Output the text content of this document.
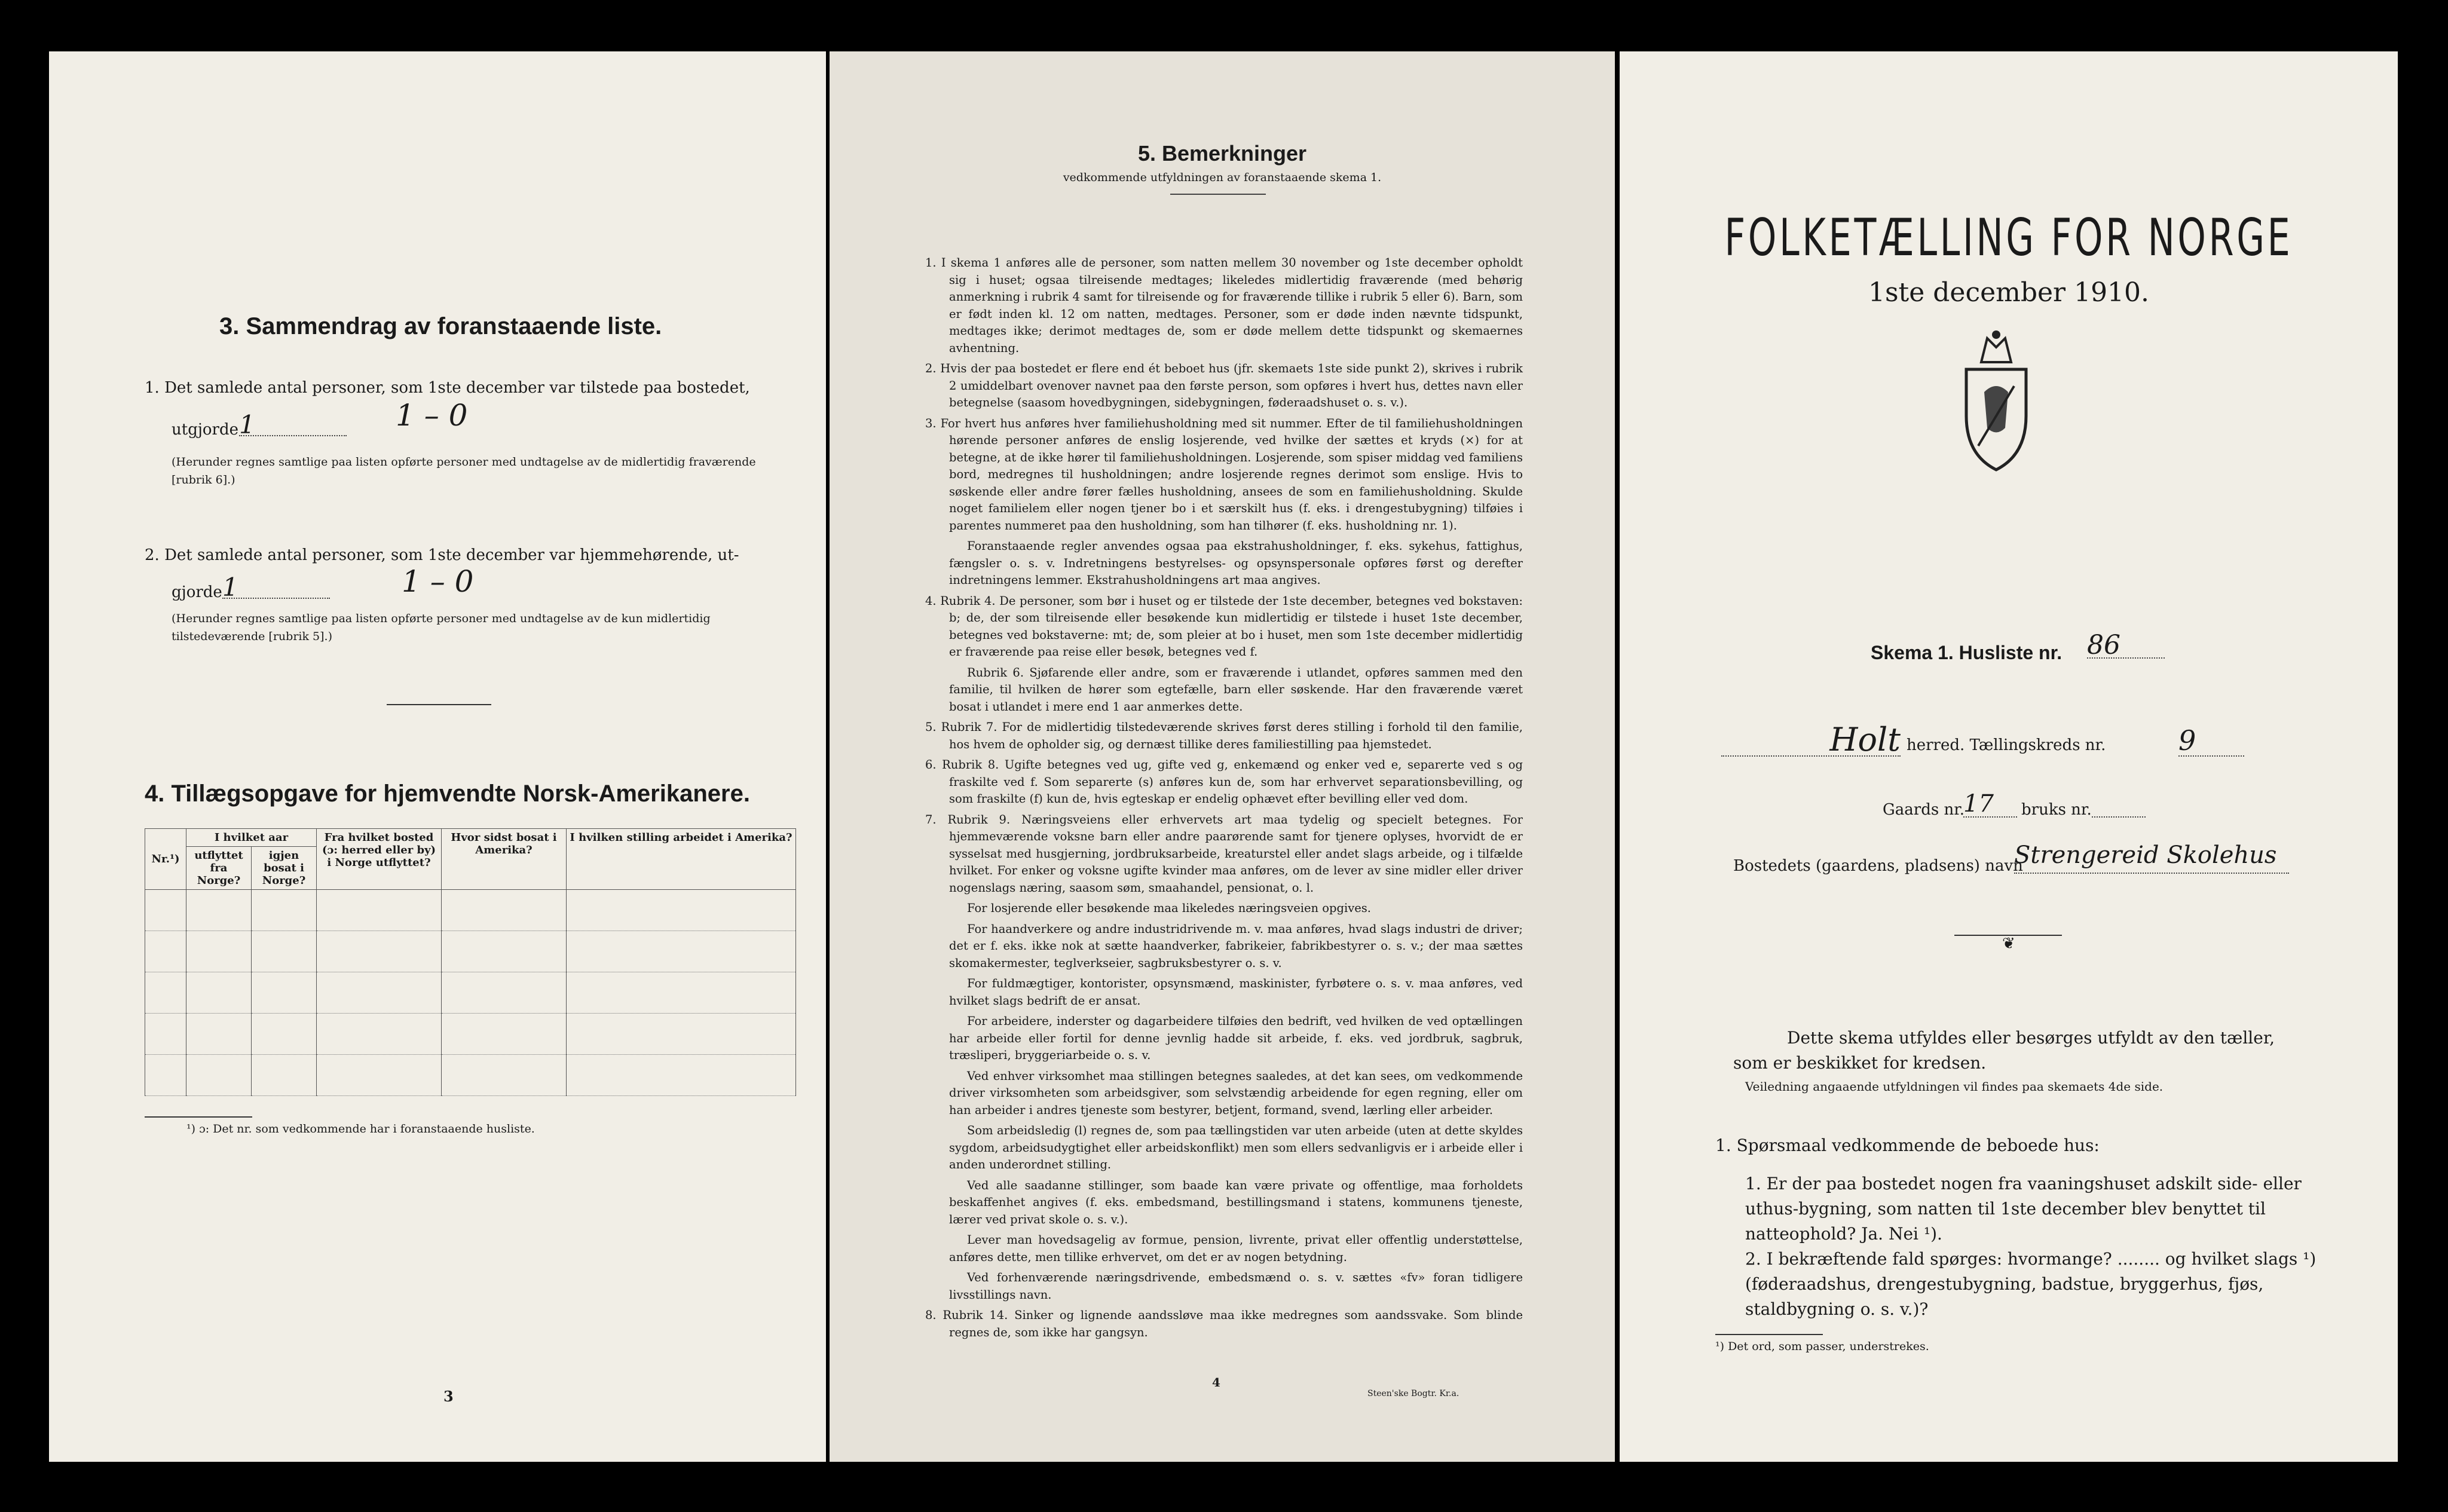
3. Sammendrag av foranstaaende liste.
1. Det samlede antal personer, som 1ste december var tilstede paa bostedet,
utgjorde 1	1 – 0
(Herunder regnes samtlige paa listen opførte personer med undtagelse av de midlertidig fraværende [rubrik 6].)
2. Det samlede antal personer, som 1ste december var hjemmehørende, ut-
gjorde 1	1 – 0
(Herunder regnes samtlige paa listen opførte personer med undtagelse av de kun midlertidig tilstedeværende [rubrik 5].)
4. Tillægsopgave for hjemvendte Norsk-Amerikanere.
Nr.¹)	I hvilket aar		Fra hvilket bosted (ɔ: herred eller by) i Norge utflyttet?	Hvor sidst bosat i Amerika?	I hvilken stilling arbeidet i Amerika?
	utflyttet fra Norge?	igjen bosat i Norge?			

¹) ɔ: Det nr. som vedkommende har i foranstaaende husliste.
3
5. Bemerkninger
vedkommende utfyldningen av foranstaaende skema 1.

1. I skema 1 anføres alle de personer, som natten mellem 30 november og 1ste december opholdt sig i huset; ogsaa tilreisende medtages; likeledes midlertidig fraværende (med behørig anmerkning i rubrik 4 samt for tilreisende og for fraværende tillike i rubrik 5 eller 6). Barn, som er født inden kl. 12 om natten, medtages. Personer, som er døde inden nævnte tidspunkt, medtages ikke; derimot medtages de, som er døde mellem dette tidspunkt og skemaernes avhentning.

2. Hvis der paa bostedet er flere end ét beboet hus (jfr. skemaets 1ste side punkt 2), skrives i rubrik 2 umiddelbart ovenover navnet paa den første person, som opføres i hvert hus, dettes navn eller betegnelse (saasom hovedbygningen, sidebygningen, føderaadshuset o. s. v.).

3. For hvert hus anføres hver familiehusholdning med sit nummer. Efter de til familiehusholdningen hørende personer anføres de enslig losjerende, ved hvilke der sættes et kryds (×) for at betegne, at de ikke hører til familiehusholdningen. Losjerende, som spiser middag ved familiens bord, medregnes til husholdningen; andre losjerende regnes derimot som enslige. Hvis to søskende eller andre fører fælles husholdning, ansees de som en familiehusholdning. Skulde noget familielem eller nogen tjener bo i et særskilt hus (f. eks. i drengestubygning) tilføies i parentes nummeret paa den husholdning, som han tilhører (f. eks. husholdning nr. 1).

Foranstaaende regler anvendes ogsaa paa ekstrahusholdninger, f. eks. sykehus, fattighus, fængsler o. s. v. Indretningens bestyrelses- og opsynspersonale opføres først og derefter indretningens lemmer. Ekstrahusholdningens art maa angives.

4. Rubrik 4. De personer, som bør i huset og er tilstede der 1ste december, betegnes ved bokstaven: b; de, der som tilreisende eller besøkende kun midlertidig er tilstede i huset 1ste december, betegnes ved bokstaverne: mt; de, som pleier at bo i huset, men som 1ste december midlertidig er fraværende paa reise eller besøk, betegnes ved f.

Rubrik 6. Sjøfarende eller andre, som er fraværende i utlandet, opføres sammen med den familie, til hvilken de hører som egtefælle, barn eller søskende. Har den fraværende været bosat i utlandet i mere end 1 aar anmerkes dette.

5. Rubrik 7. For de midlertidig tilstedeværende skrives først deres stilling i forhold til den familie, hos hvem de opholder sig, og dernæst tillike deres familiestilling paa hjemstedet.

6. Rubrik 8. Ugifte betegnes ved ug, gifte ved g, enkemænd og enker ved e, separerte ved s og fraskilte ved f. Som separerte (s) anføres kun de, som har erhvervet separationsbevilling, og som fraskilte (f) kun de, hvis egteskap er endelig ophævet efter bevilling eller ved dom.

7. Rubrik 9. Næringsveiens eller erhvervets art maa tydelig og specielt betegnes. For hjemmeværende voksne barn eller andre paarørende samt for tjenere oplyses, hvorvidt de er sysselsat med husgjerning, jordbruksarbeide, kreaturstel eller andet slags arbeide, og i tilfælde hvilket. For enker og voksne ugifte kvinder maa anføres, om de lever av sine midler eller driver nogenslags næring, saasom søm, smaahandel, pensionat, o. l.

For losjerende eller besøkende maa likeledes næringsveien opgives.

For haandverkere og andre industridrivende m. v. maa anføres, hvad slags industri de driver; det er f. eks. ikke nok at sætte haandverker, fabrikeier, fabrikbestyrer o. s. v.; der maa sættes skomakermester, teglverkseier, sagbruksbestyrer o. s. v.

For fuldmægtiger, kontorister, opsynsmænd, maskinister, fyrbøtere o. s. v. maa anføres, ved hvilket slags bedrift de er ansat.

For arbeidere, inderster og dagarbeidere tilføies den bedrift, ved hvilken de ved optællingen har arbeide eller fortil for denne jevnlig hadde sit arbeide, f. eks. ved jordbruk, sagbruk, træsliperi, bryggeriarbeide o. s. v.

Ved enhver virksomhet maa stillingen betegnes saaledes, at det kan sees, om vedkommende driver virksomheten som arbeidsgiver, som selvstændig arbeidende for egen regning, eller om han arbeider i andres tjeneste som bestyrer, betjent, formand, svend, lærling eller arbeider.

Som arbeidsledig (l) regnes de, som paa tællingstiden var uten arbeide (uten at dette skyldes sygdom, arbeidsudygtighet eller arbeidskonflikt) men som ellers sedvanligvis er i arbeide eller i anden underordnet stilling.

Ved alle saadanne stillinger, som baade kan være private og offentlige, maa forholdets beskaffenhet angives (f. eks. embedsmand, bestillingsmand i statens, kommunens tjeneste, lærer ved privat skole o. s. v.).

Lever man hovedsagelig av formue, pension, livrente, privat eller offentlig understøttelse, anføres dette, men tillike erhvervet, om det er av nogen betydning.

Ved forhenværende næringsdrivende, embedsmænd o. s. v. sættes «fv» foran tidligere livsstillings navn.

8. Rubrik 14. Sinker og lignende aandssløve maa ikke medregnes som aandssvake. Som blinde regnes de, som ikke har gangsyn.

4
Steen'ske Bogtr. Kr.a.
FOLKETÆLLING FOR NORGE
1ste december 1910.
Skema 1. Husliste nr. 86
Holt herred. Tællingskreds nr.	9
Gaards nr.
17	bruks nr.
Bostedets (gaardens, pladsens) navn
Strengereid Skolehus
❦
Dette skema utfyldes eller besørges utfyldt av den tæller, som er beskikket for kredsen.
Veiledning angaaende utfyldningen vil findes paa skemaets 4de side.
1. Spørsmaal vedkommende de beboede hus:
1. Er der paa bostedet nogen fra vaaningshuset adskilt side- eller uthus-bygning, som natten til 1ste december blev benyttet til natteophold? Ja. Nei ¹).
2. I bekræftende fald spørges: hvormange? ........ og hvilket slags ¹) (føderaadshus, drengestubygning, badstue, bryggerhus, fjøs, staldbygning o. s. v.)?
¹) Det ord, som passer, understrekes.
